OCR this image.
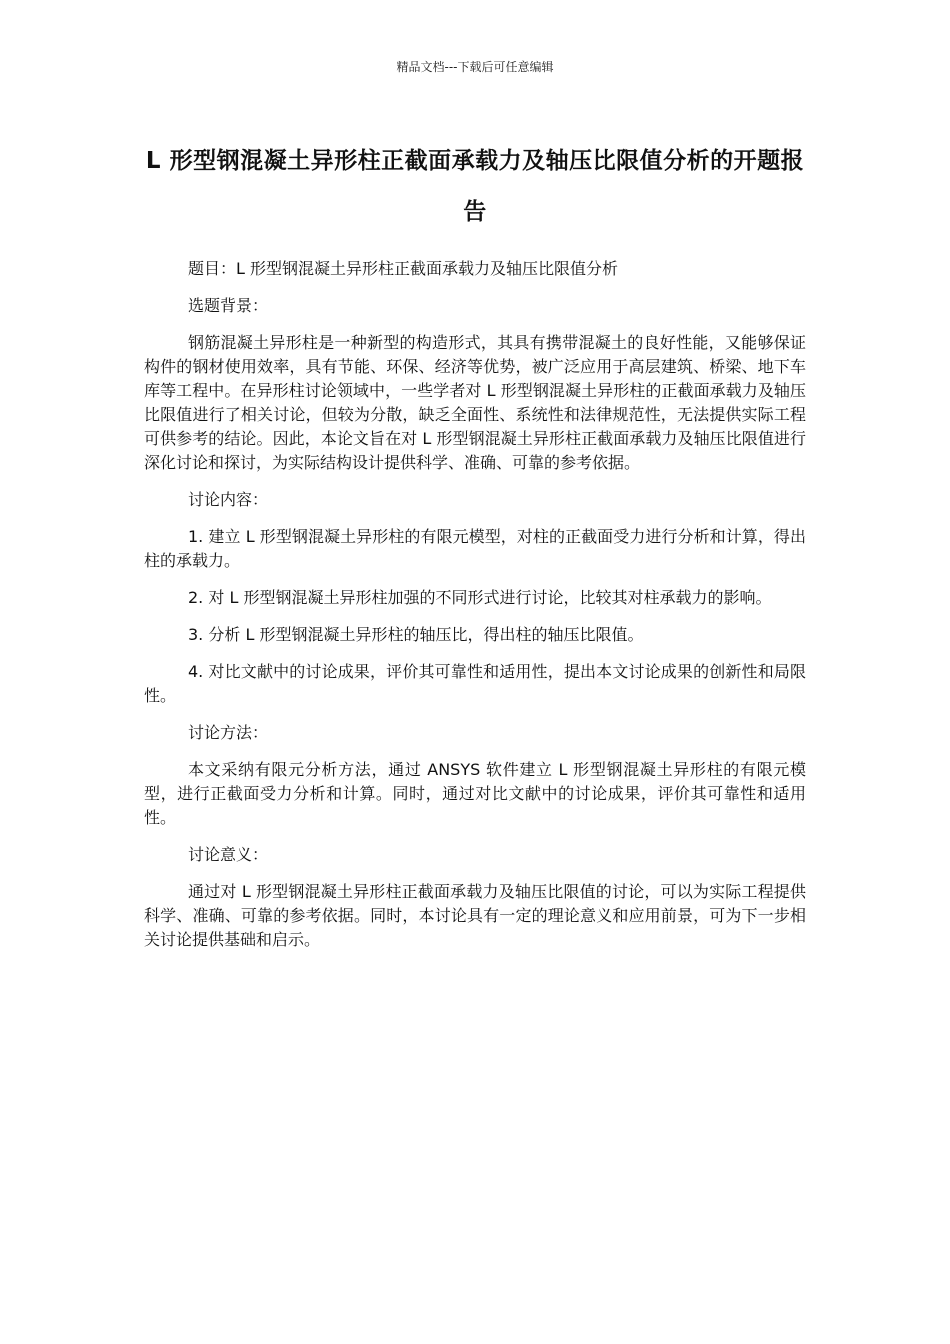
精品文档---下载后可任意编辑
L 形型钢混凝土异形柱正截面承载力及轴压比限值分析的开题报告

题目：L 形型钢混凝土异形柱正截面承载力及轴压比限值分析

选题背景：

钢筋混凝土异形柱是一种新型的构造形式，其具有携带混凝土的良好性能，又能够保证构件的钢材使用效率，具有节能、环保、经济等优势，被广泛应用于高层建筑、桥梁、地下车库等工程中。在异形柱讨论领域中，一些学者对 L 形型钢混凝土异形柱的正截面承载力及轴压比限值进行了相关讨论，但较为分散，缺乏全面性、系统性和法律规范性，无法提供实际工程可供参考的结论。因此，本论文旨在对 L 形型钢混凝土异形柱正截面承载力及轴压比限值进行深化讨论和探讨，为实际结构设计提供科学、准确、可靠的参考依据。

讨论内容：

1. 建立 L 形型钢混凝土异形柱的有限元模型，对柱的正截面受力进行分析和计算，得出柱的承载力。

2. 对 L 形型钢混凝土异形柱加强的不同形式进行讨论，比较其对柱承载力的影响。

3. 分析 L 形型钢混凝土异形柱的轴压比，得出柱的轴压比限值。

4. 对比文献中的讨论成果，评价其可靠性和适用性，提出本文讨论成果的创新性和局限性。

讨论方法：

本文采纳有限元分析方法，通过 ANSYS 软件建立 L 形型钢混凝土异形柱的有限元模型，进行正截面受力分析和计算。同时，通过对比文献中的讨论成果，评价其可靠性和适用性。

讨论意义：

通过对 L 形型钢混凝土异形柱正截面承载力及轴压比限值的讨论，可以为实际工程提供科学、准确、可靠的参考依据。同时，本讨论具有一定的理论意义和应用前景，可为下一步相关讨论提供基础和启示。
